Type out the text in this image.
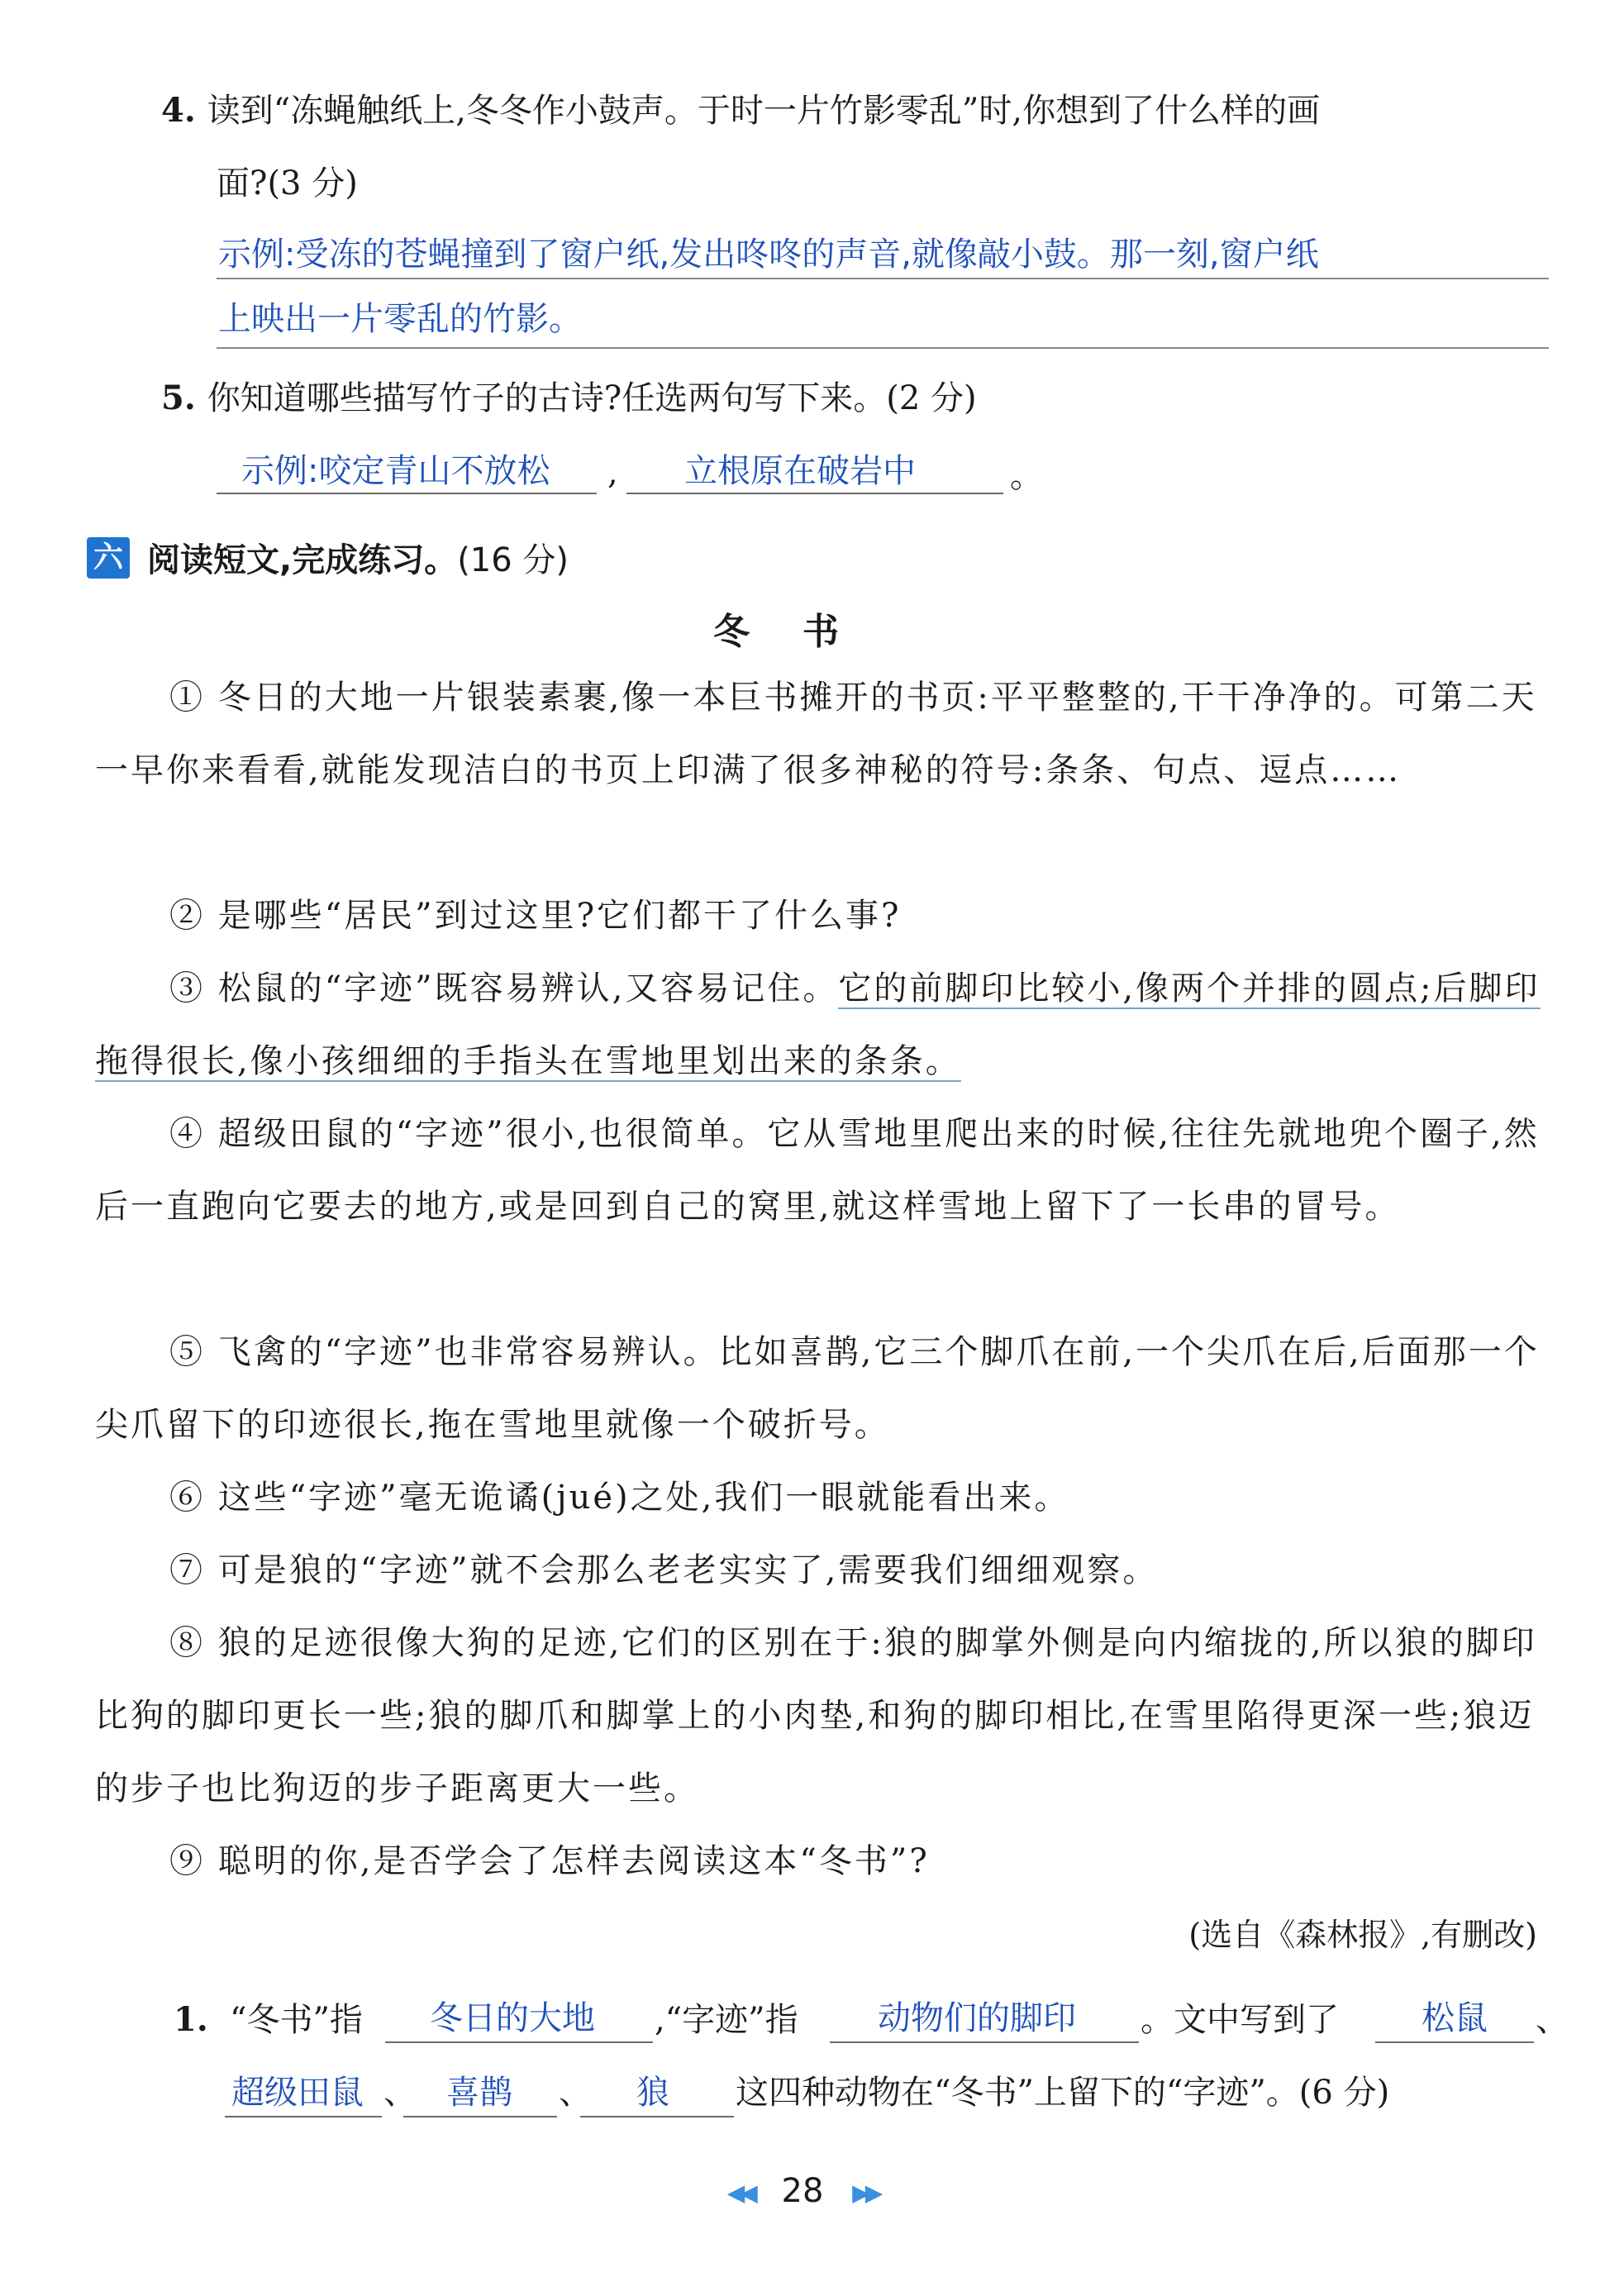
4. 读到“冻蝇触纸上,冬冬作小鼓声。于时一片竹影零乱”时,你想到了什么样的画
面?(3 分)
示例:受冻的苍蝇撞到了窗户纸,发出咚咚的声音,就像敲小鼓。那一刻,窗户纸
上映出一片零乱的竹影。
5. 你知道哪些描写竹子的古诗?任选两句写下来。(2 分)
示例:咬定青山不放松 , 立根原在破岩中	。
六 阅读短文,完成练习。(16 分)
冬书
① 冬日的大地一片银装素裹,像一本巨书摊开的书页:平平整整的,干干净净的。可第二天一早你来看看,就能发现洁白的书页上印满了很多神秘的符号:条条、句点、逗点……
② 是哪些“居民”到过这里?它们都干了什么事?
③ 松鼠的“字迹”既容易辨认,又容易记住。它的前脚印比较小,像两个并排的圆点;后脚印拖得很长,像小孩细细的手指头在雪地里划出来的条条。
④ 超级田鼠的“字迹”很小,也很简单。它从雪地里爬出来的时候,往往先就地兜个圈子,然后一直跑向它要去的地方,或是回到自己的窝里,就这样雪地上留下了一长串的冒号。
⑤ 飞禽的“字迹”也非常容易辨认。比如喜鹊,它三个脚爪在前,一个尖爪在后,后面那一个尖爪留下的印迹很长,拖在雪地里就像一个破折号。
⑥ 这些“字迹”毫无诡谲(jué)之处,我们一眼就能看出来。
⑦ 可是狼的“字迹”就不会那么老老实实了,需要我们细细观察。
⑧ 狼的足迹很像大狗的足迹,它们的区别在于:狼的脚掌外侧是向内缩拢的,所以狼的脚印比狗的脚印更长一些;狼的脚爪和脚掌上的小肉垫,和狗的脚印相比,在雪里陷得更深一些;狼迈的步子也比狗迈的步子距离更大一些。
⑨ 聪明的你,是否学会了怎样去阅读这本“冬书”?
(选自《森林报》,有删改)
1. “冬书”指 冬日的大地 ,“字迹”指 动物们的脚印 。文中写到了	松鼠 、
超级田鼠 、 喜鹊 、 狼 这四种动物在“冬书”上留下的“字迹”。(6 分)
◀◀ 28 ▶▶
